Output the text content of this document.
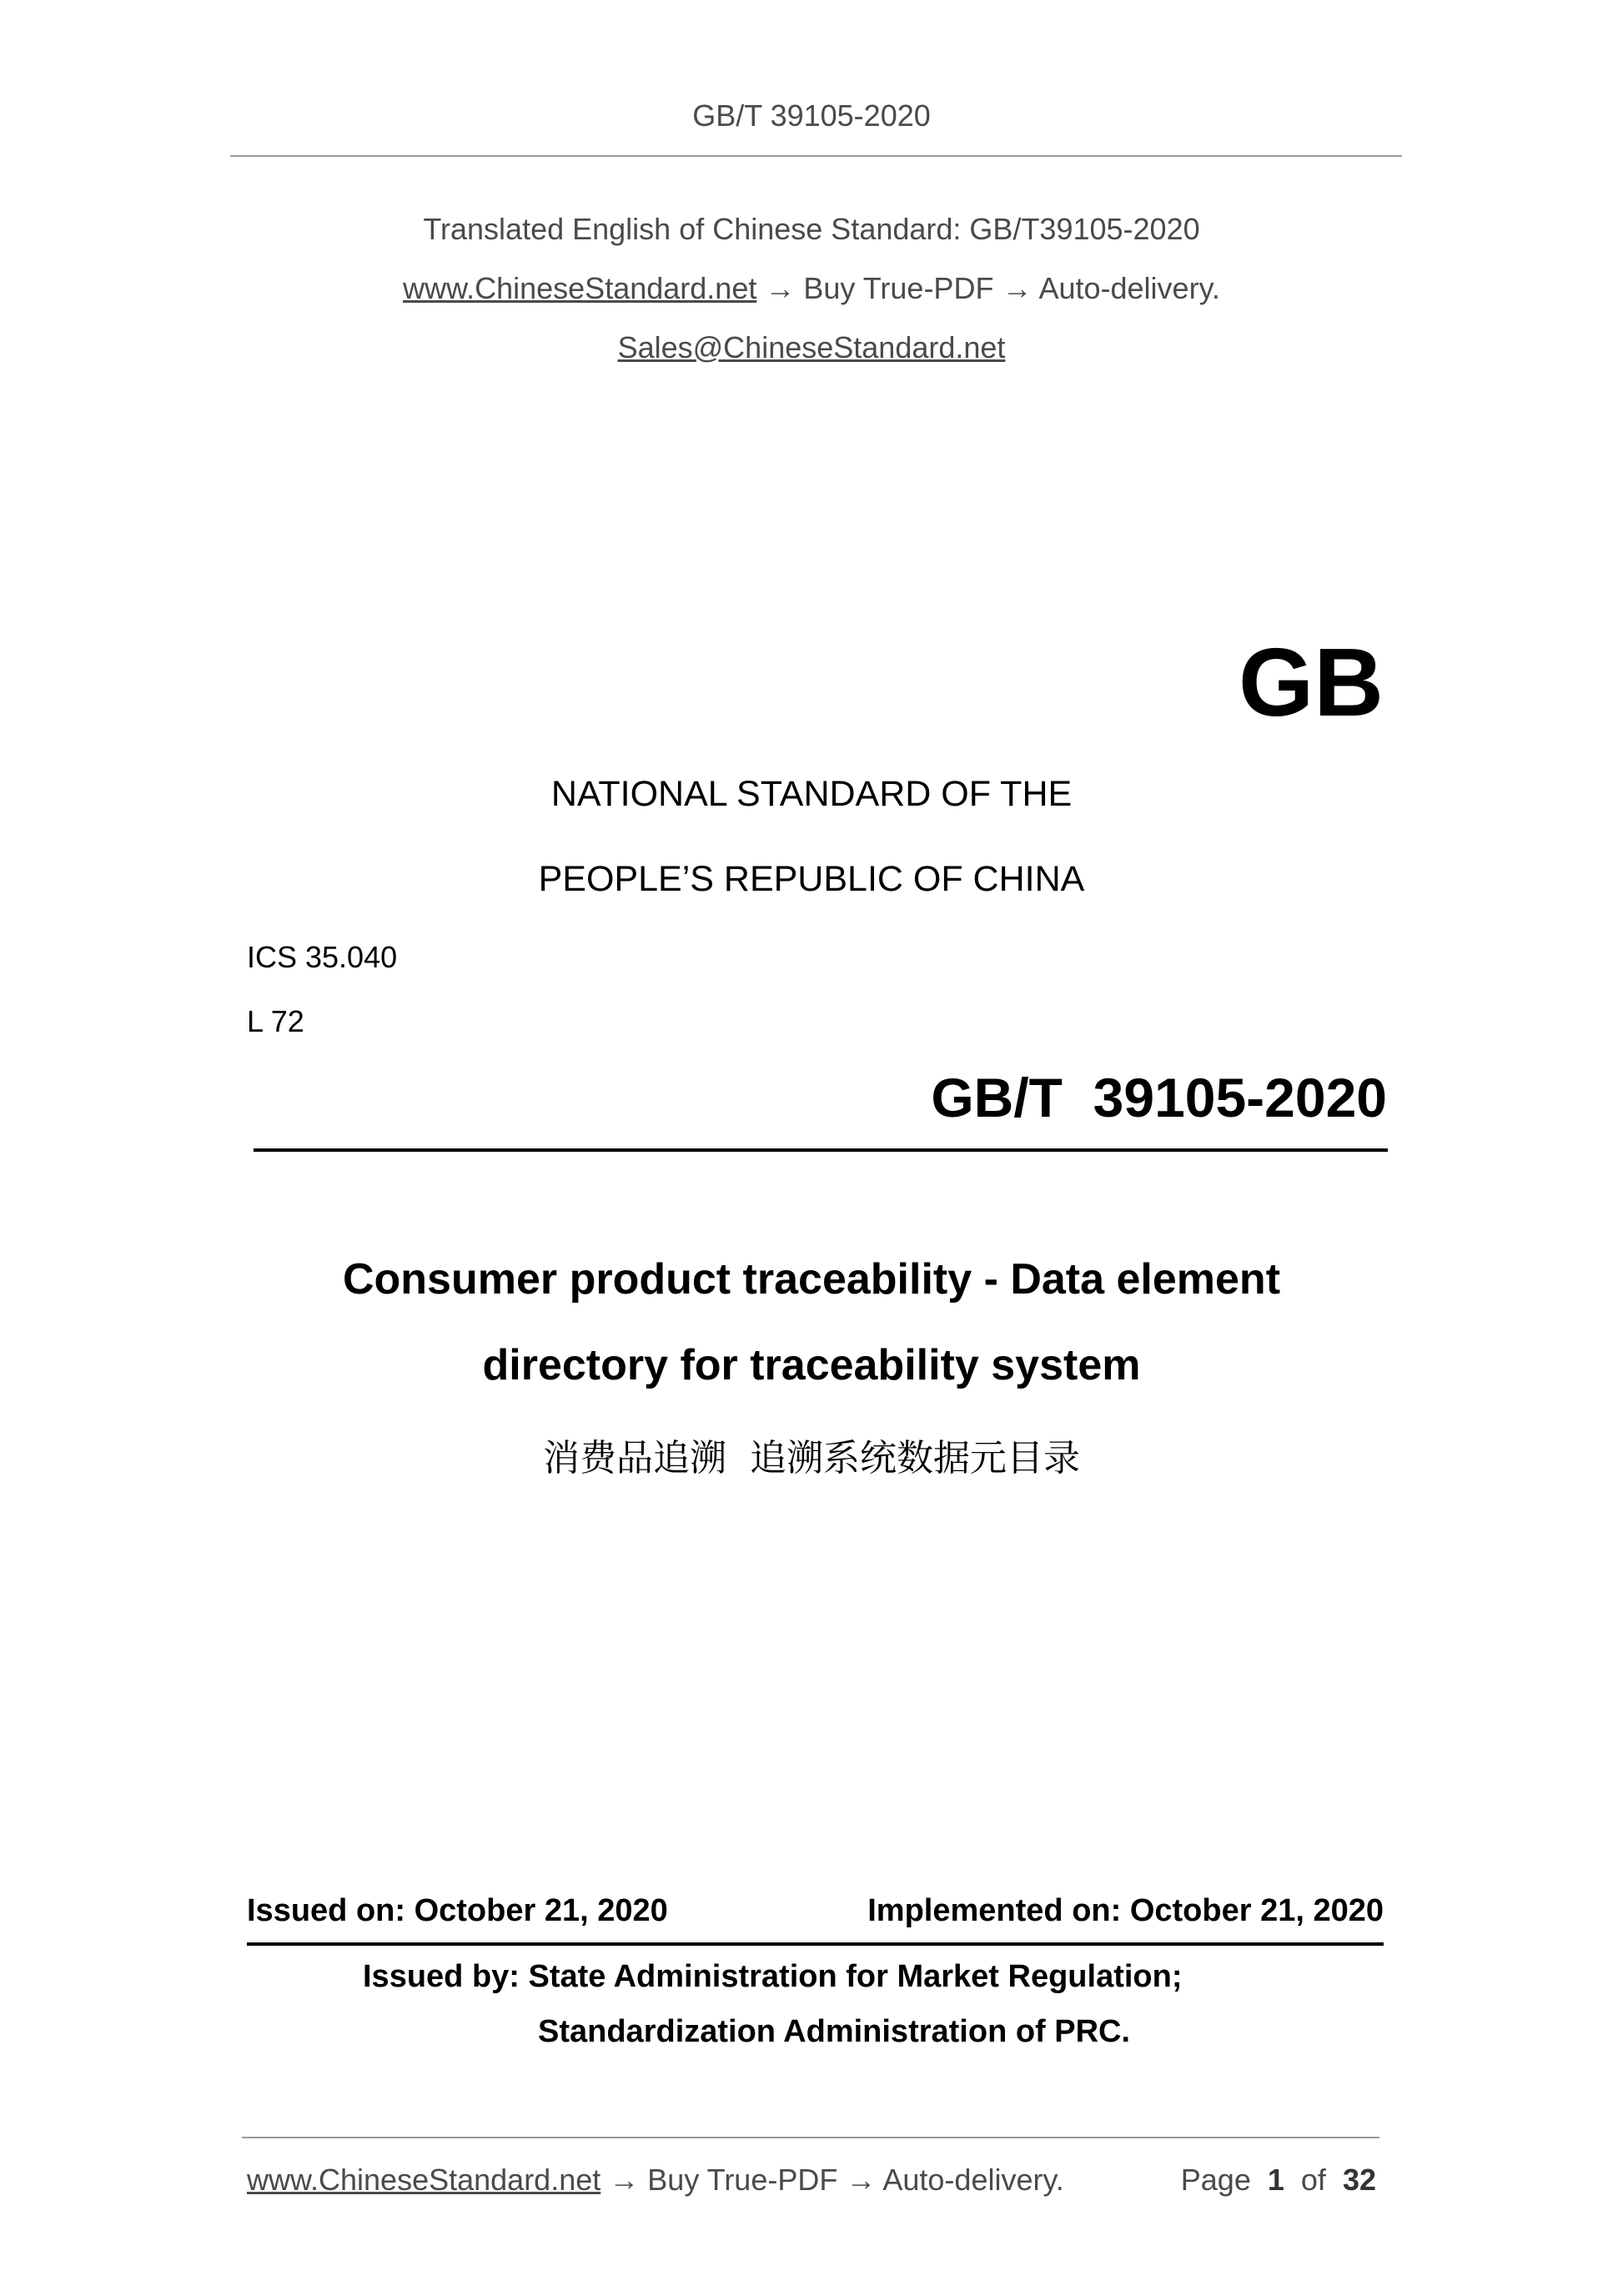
GB/T 39105-2020
Translated English of Chinese Standard: GB/T39105-2020
www.ChineseStandard.net → Buy True-PDF → Auto-delivery.
Sales@ChineseStandard.net
GB
NATIONAL STANDARD OF THE
PEOPLE’S REPUBLIC OF CHINA
ICS 35.040
L 72
GB/T  39105-2020
Consumer product traceability - Data element
directory for traceability system
消费品追溯  追溯系统数据元目录
Issued on: October 21, 2020	Implemented on: October 21, 2020
Issued by: State Administration for Market Regulation;
Standardization Administration of PRC.
www.ChineseStandard.net → Buy True-PDF → Auto-delivery.	Page 1 of 32
